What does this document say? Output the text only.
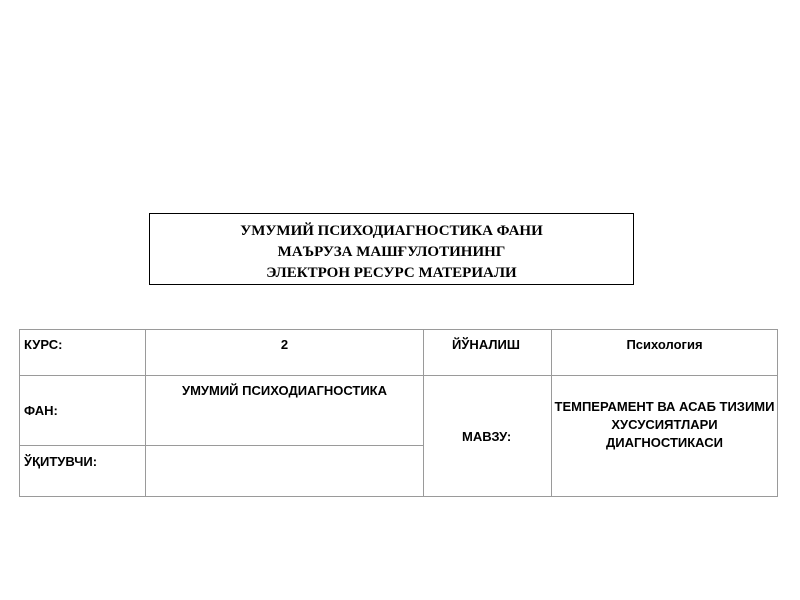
УМУМИЙ ПСИХОДИАГНОСТИКА ФАНИ
МАЪРУЗА МАШҒУЛОТИНИНГ
ЭЛЕКТРОН РЕСУРС МАТЕРИАЛИ
КУРС:	2	ЙЎНАЛИШ	Психология
ФАН:	УМУМИЙ ПСИХОДИАГНОСТИКА	МАВЗУ:	ТЕМПЕРАМЕНТ ВА АСАБ ТИЗИМИ ХУСУСИЯТЛАРИ ДИАГНОСТИКАСИ
ЎҚИТУВЧИ:			
